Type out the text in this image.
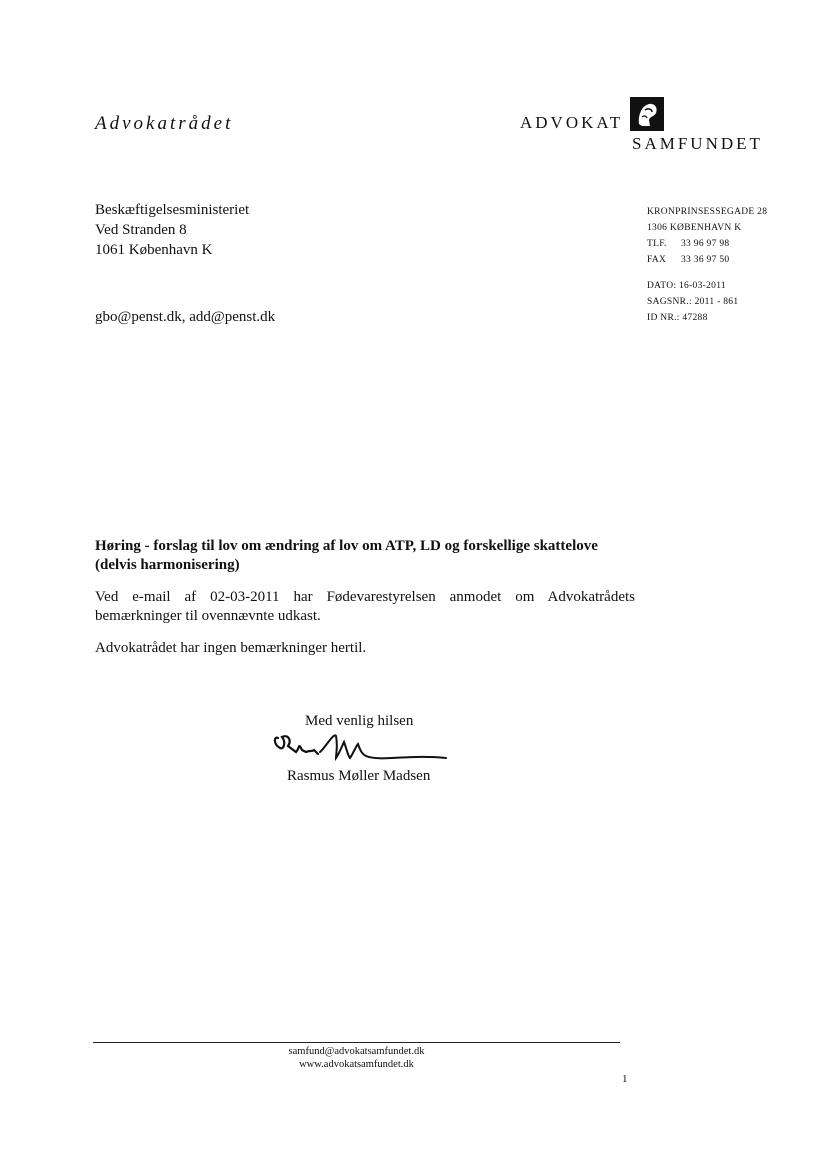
Advokatrådet	ADVOKAT
SAMFUNDET
Beskæftigelsesministeriet
Ved Stranden 8
1061 København K
gbo@penst.dk, add@penst.dk
KRONPRINSESSEGADE 28
1306 KØBENHAVN K
TLF. 33 96 97 98
FAX 33 36 97 50
DATO: 16-03-2011
SAGSNR.: 2011 - 861
ID NR.: 47288
Høring - forslag til lov om ændring af lov om ATP, LD og forskellige skattelove (delvis harmonisering)
Ved e-mail af 02-03-2011 har Fødevarestyrelsen anmodet om Advokatrådets bemærkninger til ovennævnte udkast.
Advokatrådet har ingen bemærkninger hertil.
Med venlig hilsen
Rasmus Møller Madsen
samfund@advokatsamfundet.dk
www.advokatsamfundet.dk
1
